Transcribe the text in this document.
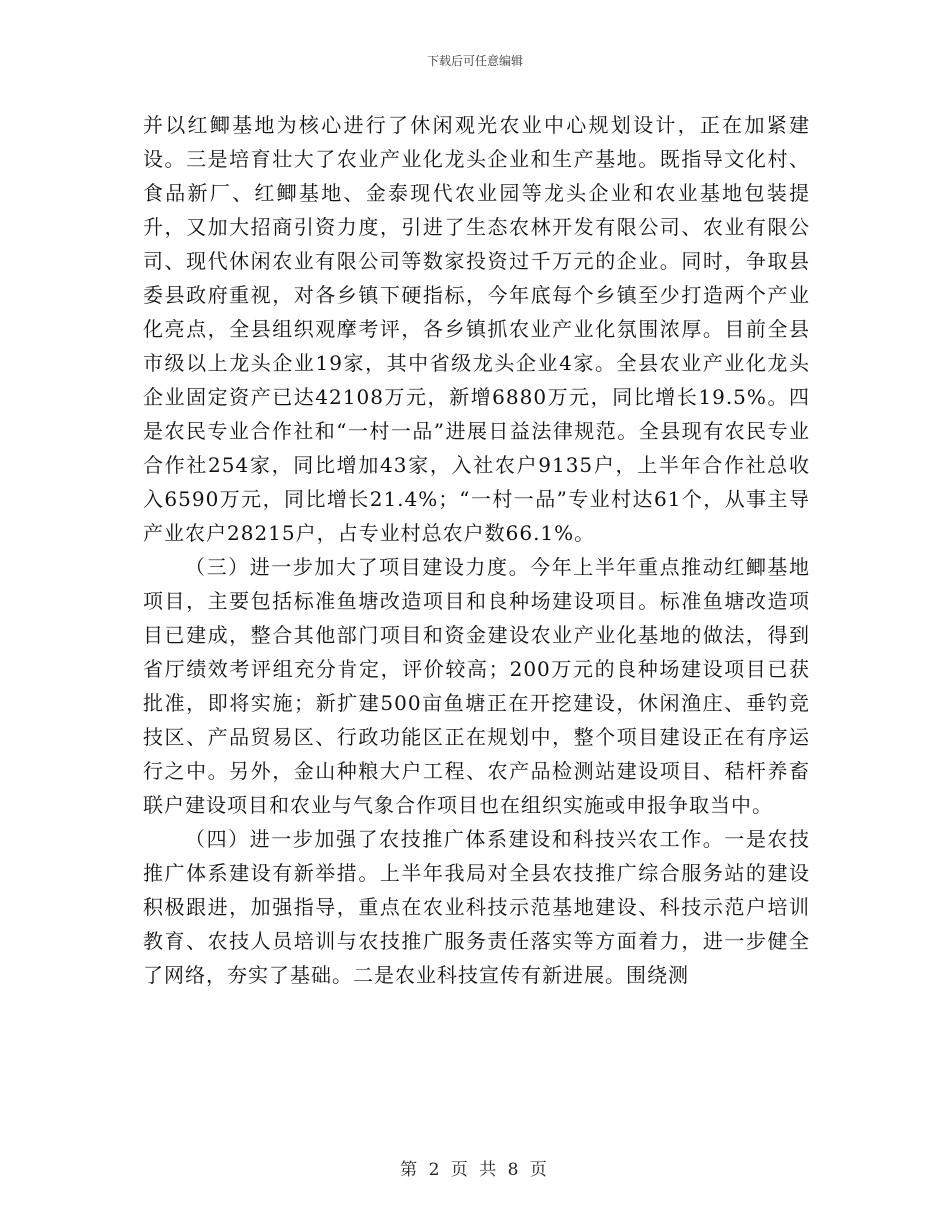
下载后可任意编辑

并以红鲫基地为核心进行了休闲观光农业中心规划设计，正在加紧建设。三是培育壮大了农业产业化龙头企业和生产基地。既指导文化村、食品新厂、红鲫基地、金泰现代农业园等龙头企业和农业基地包装提升，又加大招商引资力度，引进了生态农林开发有限公司、农业有限公司、现代休闲农业有限公司等数家投资过千万元的企业。同时，争取县委县政府重视，对各乡镇下硬指标，今年底每个乡镇至少打造两个产业化亮点，全县组织观摩考评，各乡镇抓农业产业化氛围浓厚。目前全县市级以上龙头企业19家，其中省级龙头企业4家。全县农业产业化龙头企业固定资产已达42108万元，新增6880万元，同比增长19.5%。四是农民专业合作社和“一村一品”进展日益法律规范。全县现有农民专业合作社254家，同比增加43家，入社农户9135户，上半年合作社总收入6590万元，同比增长21.4%；“一村一品”专业村达61个，从事主导产业农户28215户，占专业村总农户数66.1%。

（三）进一步加大了项目建设力度。今年上半年重点推动红鲫基地项目，主要包括标准鱼塘改造项目和良种场建设项目。标准鱼塘改造项目已建成，整合其他部门项目和资金建设农业产业化基地的做法，得到省厅绩效考评组充分肯定，评价较高；200万元的良种场建设项目已获批准，即将实施；新扩建500亩鱼塘正在开挖建设，休闲渔庄、垂钓竞技区、产品贸易区、行政功能区正在规划中，整个项目建设正在有序运行之中。另外，金山种粮大户工程、农产品检测站建设项目、秸杆养畜联户建设项目和农业与气象合作项目也在组织实施或申报争取当中。

（四）进一步加强了农技推广体系建设和科技兴农工作。一是农技推广体系建设有新举措。上半年我局对全县农技推广综合服务站的建设积极跟进，加强指导，重点在农业科技示范基地建设、科技示范户培训教育、农技人员培训与农技推广服务责任落实等方面着力，进一步健全了网络，夯实了基础。二是农业科技宣传有新进展。围绕测

第 2 页 共 8 页
